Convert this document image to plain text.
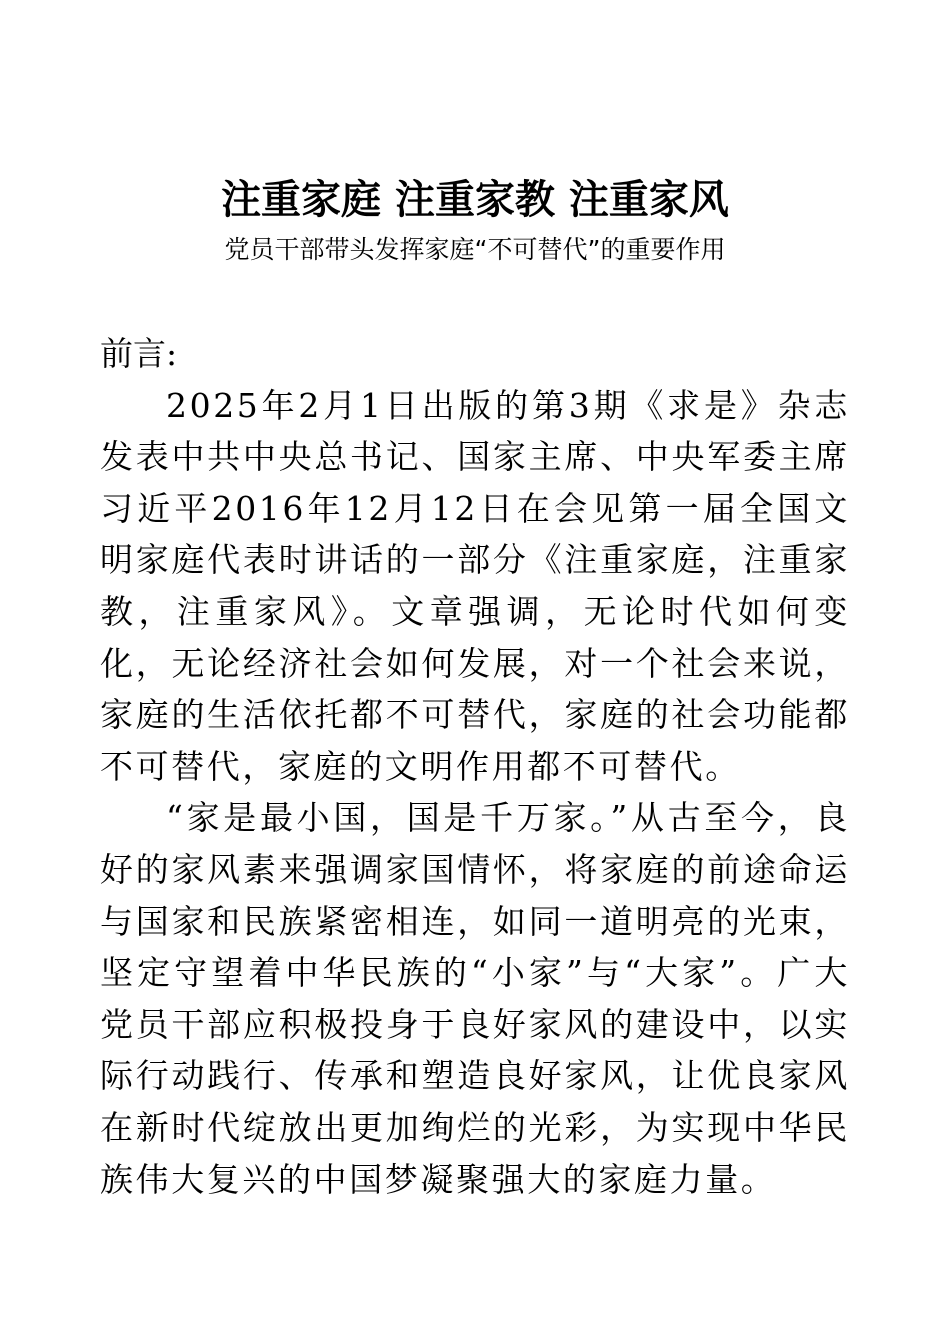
注重家庭 注重家教 注重家风
党员干部带头发挥家庭“不可替代”的重要作用

前言:

2025年2月1日出版的第3期《求是》杂志发表中共中央总书记、国家主席、中央军委主席习近平2016年12月12日在会见第一届全国文明家庭代表时讲话的一部分《注重家庭，注重家教，注重家风》。文章强调，无论时代如何变化，无论经济社会如何发展，对一个社会来说，家庭的生活依托都不可替代，家庭的社会功能都不可替代，家庭的文明作用都不可替代。

“家是最小国，国是千万家。”从古至今，良好的家风素来强调家国情怀，将家庭的前途命运与国家和民族紧密相连，如同一道明亮的光束，坚定守望着中华民族的“小家”与“大家”。广大党员干部应积极投身于良好家风的建设中，以实际行动践行、传承和塑造良好家风，让优良家风在新时代绽放出更加绚烂的光彩，为实现中华民族伟大复兴的中国梦凝聚强大的家庭力量。
